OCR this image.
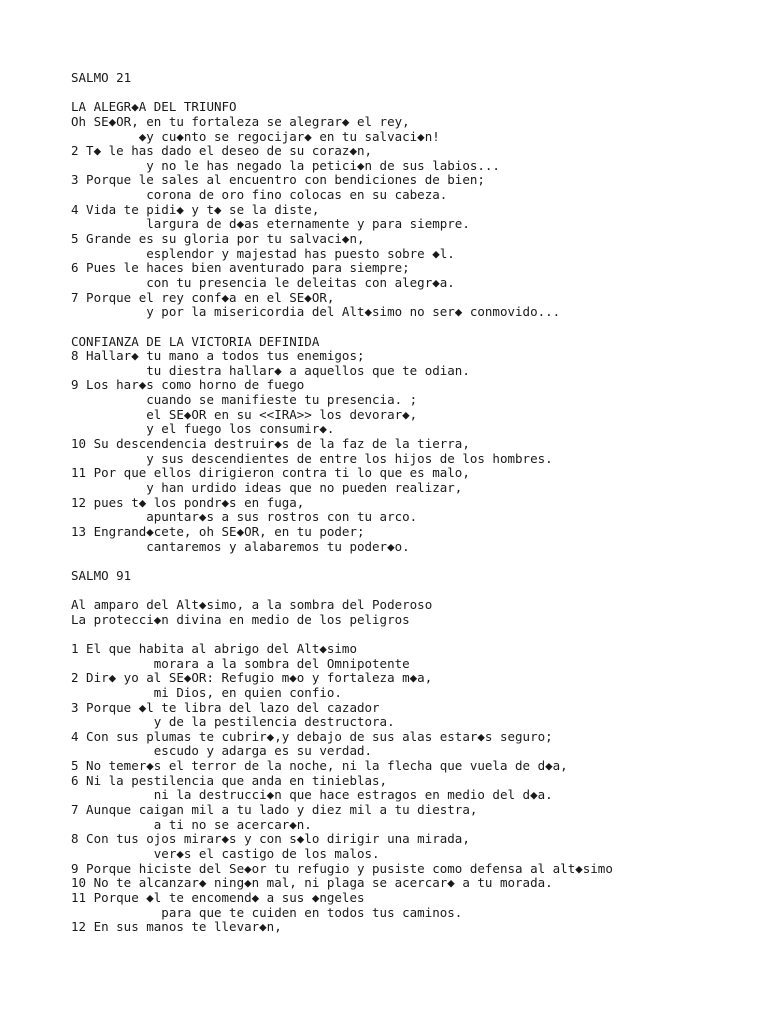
SALMO 21
LA ALEGR◆A DEL TRIUNFO
Oh SE◆OR, en tu fortaleza se alegrar◆ el rey,
◆y cu◆nto se regocijar◆ en tu salvaci◆n!
2 T◆ le has dado el deseo de su coraz◆n,
y no le has negado la petici◆n de sus labios...
3 Porque le sales al encuentro con bendiciones de bien;
corona de oro fino colocas en su cabeza.
4 Vida te pidi◆ y t◆ se la diste,
largura de d◆as eternamente y para siempre.
5 Grande es su gloria por tu salvaci◆n,
esplendor y majestad has puesto sobre ◆l.
6 Pues le haces bien aventurado para siempre;
con tu presencia le deleitas con alegr◆a.
7 Porque el rey conf◆a en el SE◆OR,
y por la misericordia del Alt◆simo no ser◆ conmovido...
CONFIANZA DE LA VICTORIA DEFINIDA
8 Hallar◆ tu mano a todos tus enemigos;
tu diestra hallar◆ a aquellos que te odian.
9 Los har◆s como horno de fuego
cuando se manifieste tu presencia. ;
el SE◆OR en su <<IRA>> los devorar◆,
y el fuego los consumir◆.
10 Su descendencia destruir◆s de la faz de la tierra,
y sus descendientes de entre los hijos de los hombres.
11 Por que ellos dirigieron contra ti lo que es malo,
y han urdido ideas que no pueden realizar,
12 pues t◆ los pondr◆s en fuga,
apuntar◆s a sus rostros con tu arco.
13 Engrand◆cete, oh SE◆OR, en tu poder;
cantaremos y alabaremos tu poder◆o.
SALMO 91
Al amparo del Alt◆simo, a la sombra del Poderoso
La protecci◆n divina en medio de los peligros
1 El que habita al abrigo del Alt◆simo
morara a la sombra del Omnipotente
2 Dir◆ yo al SE◆OR: Refugio m◆o y fortaleza m◆a,
mi Dios, en quien confio.
3 Porque ◆l te libra del lazo del cazador
y de la pestilencia destructora.
4 Con sus plumas te cubrir◆,y debajo de sus alas estar◆s seguro;
escudo y adarga es su verdad.
5 No temer◆s el terror de la noche, ni la flecha que vuela de d◆a,
6 Ni la pestilencia que anda en tinieblas,
ni la destrucci◆n que hace estragos en medio del d◆a.
7 Aunque caigan mil a tu lado y diez mil a tu diestra,
a ti no se acercar◆n.
8 Con tus ojos mirar◆s y con s◆lo dirigir una mirada,
ver◆s el castigo de los malos.
9 Porque hiciste del Se◆or tu refugio y pusiste como defensa al alt◆simo
10 No te alcanzar◆ ning◆n mal, ni plaga se acercar◆ a tu morada.
11 Porque ◆l te encomend◆ a sus ◆ngeles
para que te cuiden en todos tus caminos.
12 En sus manos te llevar◆n,
